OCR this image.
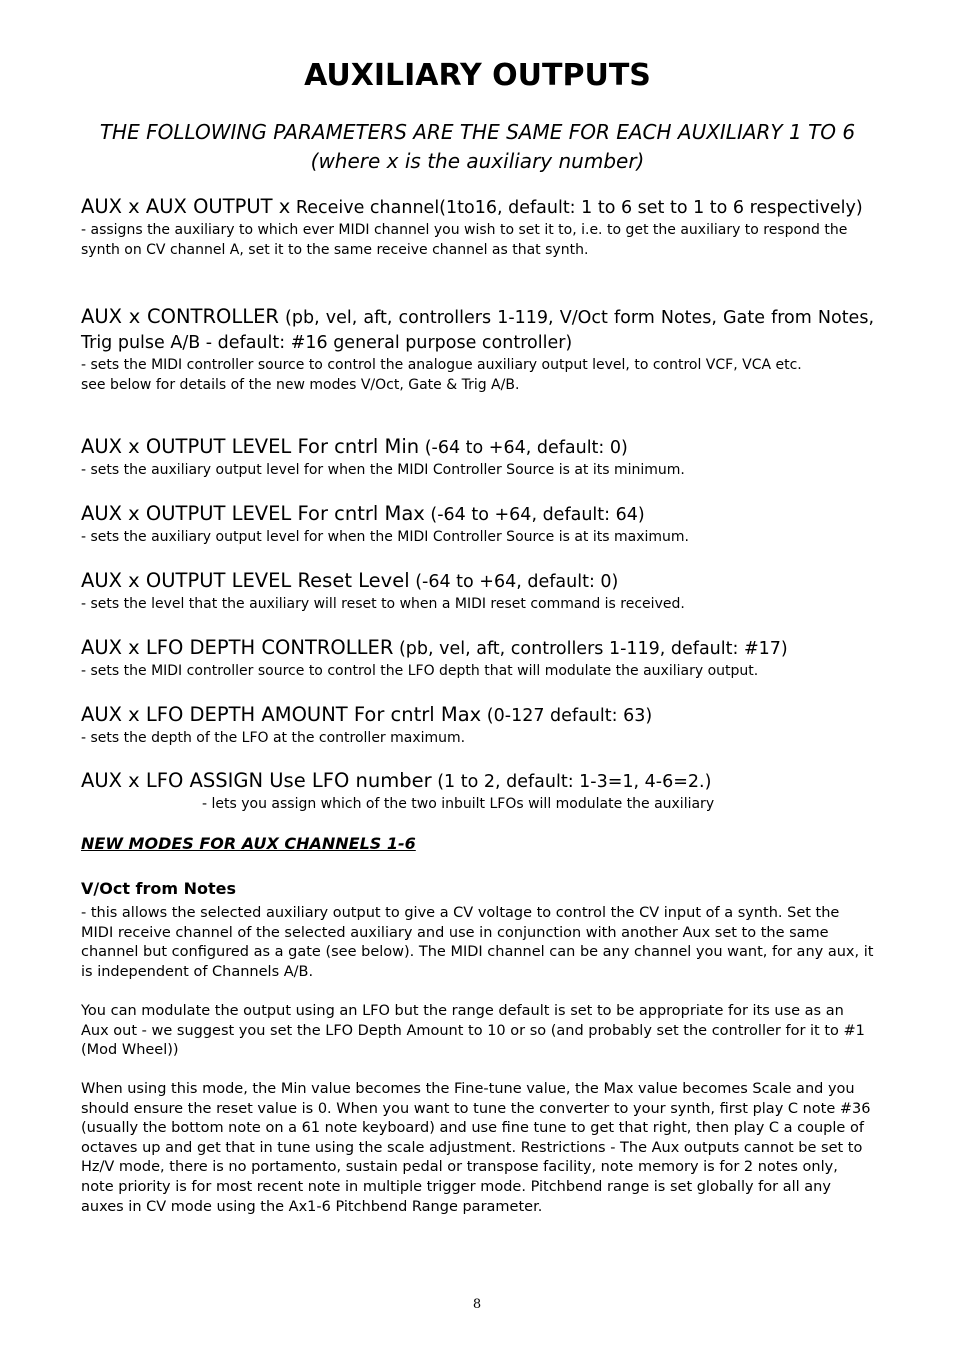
AUXILIARY OUTPUTS
THE FOLLOWING PARAMETERS ARE THE SAME FOR EACH AUXILIARY 1 TO 6
(where x is the auxiliary number)

AUX x AUX OUTPUT x Receive channel(1to16, default: 1 to 6 set to 1 to 6 respectively)

- assigns the auxiliary to which ever MIDI channel you wish to set it to, i.e. to get the auxiliary to respond the synth on CV channel A, set it to the same receive channel as that synth.

AUX x CONTROLLER (pb, vel, aft, controllers 1-119, V/Oct form Notes, Gate from Notes, Trig pulse A/B - default: #16 general purpose controller)

- sets the MIDI controller source to control the analogue auxiliary output level, to control VCF, VCA etc.

see below for details of the new modes V/Oct, Gate & Trig A/B.

AUX x OUTPUT LEVEL For cntrl Min (-64 to +64, default: 0)

- sets the auxiliary output level for when the MIDI Controller Source is at its minimum.

AUX x OUTPUT LEVEL For cntrl Max (-64 to +64, default: 64)

- sets the auxiliary output level for when the MIDI Controller Source is at its maximum.

AUX x OUTPUT LEVEL Reset Level (-64 to +64, default: 0)

- sets the level that the auxiliary will reset to when a MIDI reset command is received.

AUX x LFO DEPTH CONTROLLER (pb, vel, aft, controllers 1-119, default: #17)

- sets the MIDI controller source to control the LFO depth that will modulate the auxiliary output.

AUX x LFO DEPTH AMOUNT For cntrl Max (0-127 default: 63)

- sets the depth of the LFO at the controller maximum.

AUX x LFO ASSIGN Use LFO number (1 to 2, default: 1-3=1, 4-6=2.)

- lets you assign which of the two inbuilt LFOs will modulate the auxiliary

NEW MODES FOR AUX CHANNELS 1-6

V/Oct from Notes

- this allows the selected auxiliary output to give a CV voltage to control the CV input of a synth. Set the MIDI receive channel of the selected auxiliary and use in conjunction with another Aux set to the same channel but configured as a gate (see below). The MIDI channel can be any channel you want, for any aux, it is independent of Channels A/B.

You can modulate the output using an LFO but the range default is set to be appropriate for its use as an Aux out - we suggest you set the LFO Depth Amount to 10 or so (and probably set the controller for it to #1 (Mod Wheel))

When using this mode, the Min value becomes the Fine-tune value, the Max value becomes Scale and you should ensure the reset value is 0. When you want to tune the converter to your synth, first play C note #36 (usually the bottom note on a 61 note keyboard) and use fine tune to get that right, then play C a couple of octaves up and get that in tune using the scale adjustment. Restrictions - The Aux outputs cannot be set to Hz/V mode, there is no portamento, sustain pedal or transpose facility, note memory is for 2 notes only, note priority is for most recent note in multiple trigger mode. Pitchbend range is set globally for all any auxes in CV mode using the Ax1-6 Pitchbend Range parameter.

8
